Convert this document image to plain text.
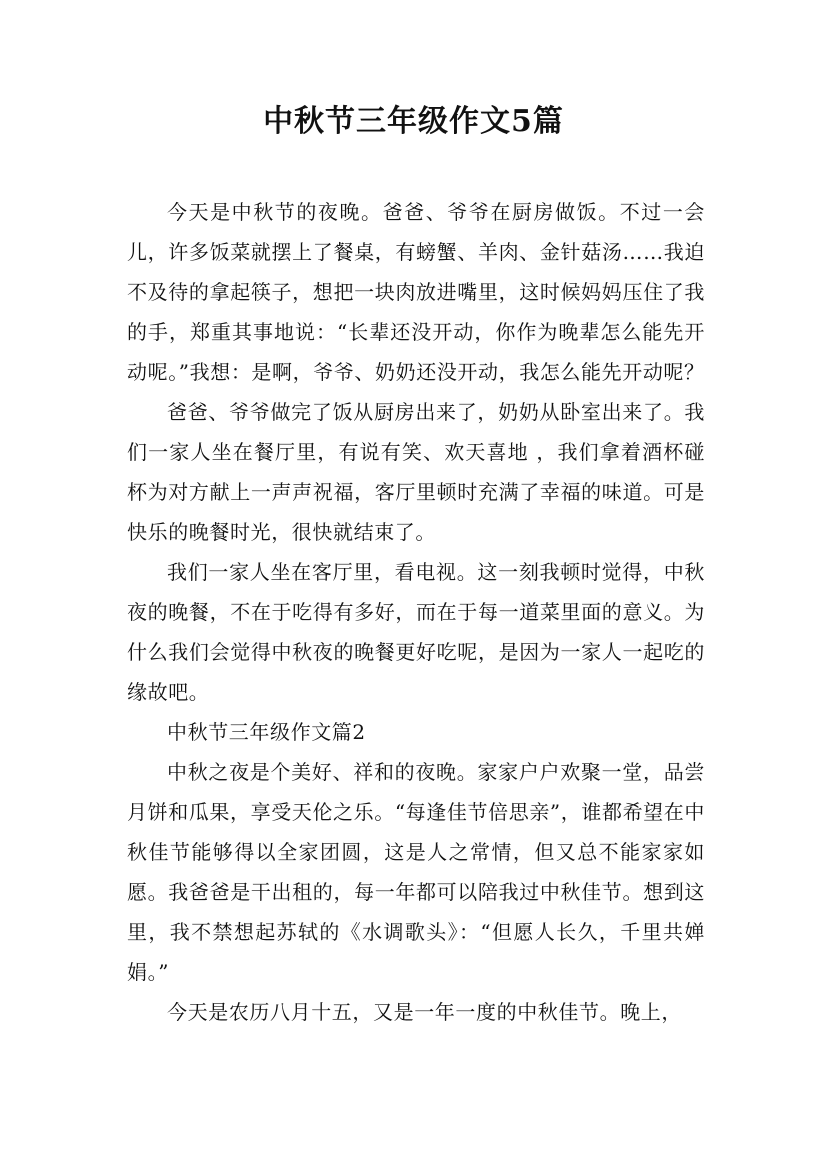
中秋节三年级作文5篇

今天是中秋节的夜晚。爸爸、爷爷在厨房做饭。不过一会儿，许多饭菜就摆上了餐桌，有螃蟹、羊肉、金针菇汤……我迫不及待的拿起筷子，想把一块肉放进嘴里，这时候妈妈压住了我的手，郑重其事地说：“长辈还没开动，你作为晚辈怎么能先开动呢。”我想：是啊，爷爷、奶奶还没开动，我怎么能先开动呢？

爸爸、爷爷做完了饭从厨房出来了，奶奶从卧室出来了。我们一家人坐在餐厅里，有说有笑、欢天喜地 ，我们拿着酒杯碰杯为对方献上一声声祝福，客厅里顿时充满了幸福的味道。可是快乐的晚餐时光，很快就结束了。

我们一家人坐在客厅里，看电视。这一刻我顿时觉得，中秋夜的晚餐，不在于吃得有多好，而在于每一道菜里面的意义。为什么我们会觉得中秋夜的晚餐更好吃呢，是因为一家人一起吃的缘故吧。

中秋节三年级作文篇2

中秋之夜是个美好、祥和的夜晚。家家户户欢聚一堂，品尝月饼和瓜果，享受天伦之乐。“每逢佳节倍思亲”，谁都希望在中秋佳节能够得以全家团圆，这是人之常情，但又总不能家家如愿。我爸爸是干出租的，每一年都可以陪我过中秋佳节。想到这里，我不禁想起苏轼的《水调歌头》：“但愿人长久，千里共婵娟。”

今天是农历八月十五，又是一年一度的中秋佳节。晚上，
